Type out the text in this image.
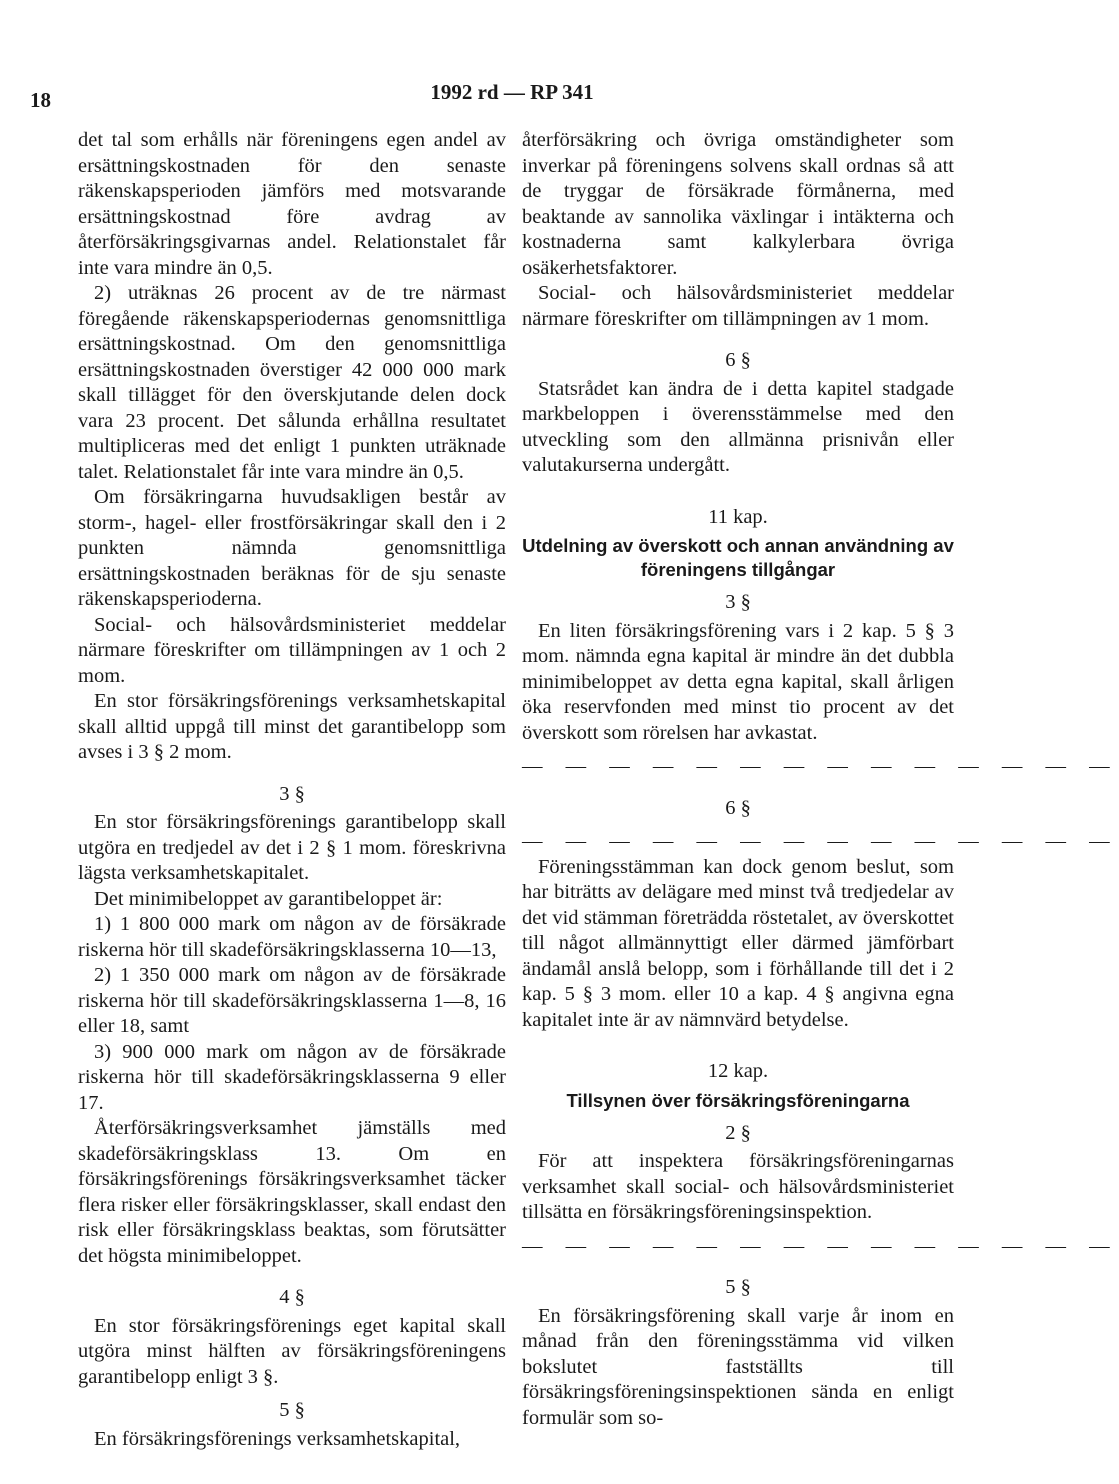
18	1992 rd — RP 341

det tal som erhålls när föreningens egen andel av ersättningskostnaden för den senaste räkenskapsperioden jämförs med motsvarande ersättningskostnad före avdrag av återförsäkringsgivarnas andel. Relationstalet får inte vara mindre än 0,5.

2) uträknas 26 procent av de tre närmast föregående räkenskapsperiodernas genomsnittliga ersättningskostnad. Om den genomsnittliga ersättningskostnaden överstiger 42 000 000 mark skall tillägget för den överskjutande delen dock vara 23 procent. Det sålunda erhållna resultatet multipliceras med det enligt 1 punkten uträknade talet. Relationstalet får inte vara mindre än 0,5.

Om försäkringarna huvudsakligen består av storm-, hagel- eller frostförsäkringar skall den i 2 punkten nämnda genomsnittliga ersättningskostnaden beräknas för de sju senaste räkenskapsperioderna.

Social- och hälsovårdsministeriet meddelar närmare föreskrifter om tillämpningen av 1 och 2 mom.

En stor försäkringsförenings verksamhetskapital skall alltid uppgå till minst det garantibelopp som avses i 3 § 2 mom.

3 §

En stor försäkringsförenings garantibelopp skall utgöra en tredjedel av det i 2 § 1 mom. föreskrivna lägsta verksamhetskapitalet.

Det minimibeloppet av garantibeloppet är:

1) 1 800 000 mark om någon av de försäkrade riskerna hör till skadeförsäkringsklasserna 10—13,

2) 1 350 000 mark om någon av de försäkrade riskerna hör till skadeförsäkringsklasserna 1—8, 16 eller 18, samt

3) 900 000 mark om någon av de försäkrade riskerna hör till skadeförsäkringsklasserna 9 eller 17.

Återförsäkringsverksamhet jämställs med skadeförsäkringsklass 13. Om en försäkringsförenings försäkringsverksamhet täcker flera risker eller försäkringsklasser, skall endast den risk eller försäkringsklass beaktas, som förutsätter det högsta minimibeloppet.

4 §

En stor försäkringsförenings eget kapital skall utgöra minst hälften av försäkringsföreningens garantibelopp enligt 3 §.

5 §

En försäkringsförenings verksamhetskapital,

återförsäkring och övriga omständigheter som inverkar på föreningens solvens skall ordnas så att de tryggar de försäkrade förmånerna, med beaktande av sannolika växlingar i intäkterna och kostnaderna samt kalkylerbara övriga osäkerhetsfaktorer.

Social- och hälsovårdsministeriet meddelar närmare föreskrifter om tillämpningen av 1 mom.

6 §

Statsrådet kan ändra de i detta kapitel stadgade markbeloppen i överensstämmelse med den utveckling som den allmänna prisnivån eller valutakurserna undergått.

11 kap.
Utdelning av överskott och annan användning av föreningens tillgångar
3 §

En liten försäkringsförening vars i 2 kap. 5 § 3 mom. nämnda egna kapital är mindre än det dubbla minimibeloppet av detta egna kapital, skall årligen öka reservfonden med minst tio procent av det överskott som rörelsen har avkastat.

— — — — — — — — — — — — — —
6 §
— — — — — — — — — — — — — —

Föreningsstämman kan dock genom beslut, som har biträtts av delägare med minst två tredjedelar av det vid stämman företrädda röstetalet, av överskottet till något allmännyttigt eller därmed jämförbart ändamål anslå belopp, som i förhållande till det i 2 kap. 5 § 3 mom. eller 10 a kap. 4 § angivna egna kapitalet inte är av nämnvärd betydelse.

12 kap.
Tillsynen över försäkringsföreningarna
2 §

För att inspektera försäkringsföreningarnas verksamhet skall social- och hälsovårdsministeriet tillsätta en försäkringsföreningsinspektion.

— — — — — — — — — — — — — —
5 §

En försäkringsförening skall varje år inom en månad från den föreningsstämma vid vilken bokslutet fastställts till försäkringsföreningsinspektionen sända en enligt formulär som so-
